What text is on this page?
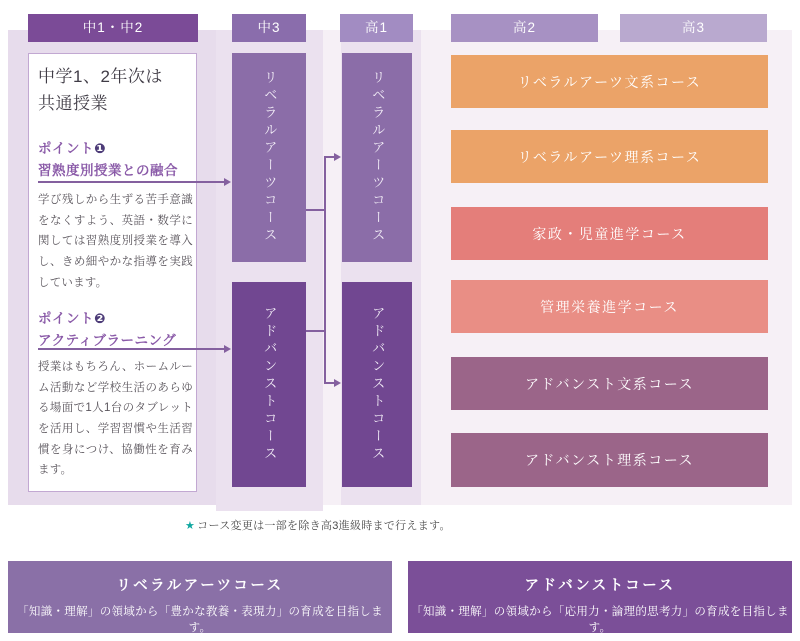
中1・中2	中3	高1	高2	高3
中学1、2年次は
共通授業
ポイント❶
習熟度別授業との融合
学び残しから生ずる苦手意識をなくすよう、英語・数学に関しては習熟度別授業を導入し、きめ細やかな指導を実践しています。
ポイント❷
アクティブラーニング
授業はもちろん、ホームルーム活動など学校生活のあらゆる場面で1人1台のタブレットを活用し、学習習慣や生活習慣を身につけ、協働性を育みます。
リベラルアーツコース
アドバンストコース
リベラルアーツコース
アドバンストコース
リベラルアーツ文系コース
リベラルアーツ理系コース
家政・児童進学コース
管理栄養進学コース
アドバンスト文系コース
アドバンスト理系コース
★ コース変更は一部を除き高3進級時まで行えます。
リベラルアーツコース
「知識・理解」の領域から「豊かな教養・表現力」の育成を目指します。
アドバンストコース
「知識・理解」の領域から「応用力・論理的思考力」の育成を目指します。
